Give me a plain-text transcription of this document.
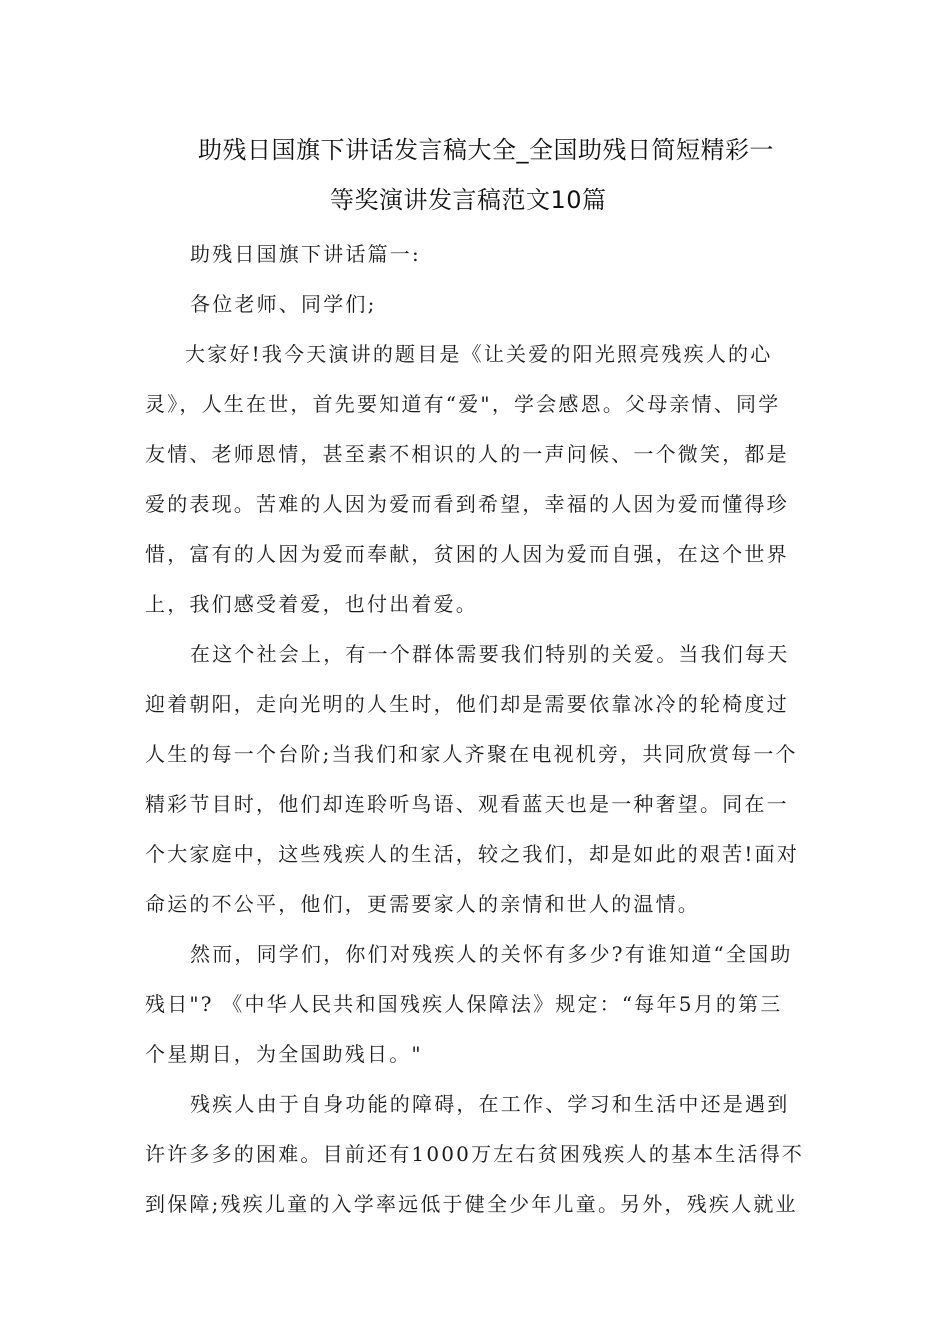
助残日国旗下讲话发言稿大全_全国助残日简短精彩一
等奖演讲发言稿范文10篇
助残日国旗下讲话篇一:
各位老师、同学们;
大家好!我今天演讲的题目是《让关爱的阳光照亮残疾人的心
灵》，人生在世，首先要知道有“爱"，学会感恩。父母亲情、同学
友情、老师恩情，甚至素不相识的人的一声问候、一个微笑，都是
爱的表现。苦难的人因为爱而看到希望，幸福的人因为爱而懂得珍
惜，富有的人因为爱而奉献，贫困的人因为爱而自强，在这个世界
上，我们感受着爱，也付出着爱。
在这个社会上，有一个群体需要我们特别的关爱。当我们每天
迎着朝阳，走向光明的人生时，他们却是需要依靠冰冷的轮椅度过
人生的每一个台阶;当我们和家人齐聚在电视机旁，共同欣赏每一个
精彩节目时，他们却连聆听鸟语、观看蓝天也是一种奢望。同在一
个大家庭中，这些残疾人的生活，较之我们，却是如此的艰苦!面对
命运的不公平，他们，更需要家人的亲情和世人的温情。
然而，同学们，你们对残疾人的关怀有多少?有谁知道“全国助
残日"? 《中华人民共和国残疾人保障法》规定：“每年5月的第三
个星期日，为全国助残日。"
残疾人由于自身功能的障碍，在工作、学习和生活中还是遇到
许许多多的困难。目前还有1000万左右贫困残疾人的基本生活得不
到保障;残疾儿童的入学率远低于健全少年儿童。另外，残疾人就业
